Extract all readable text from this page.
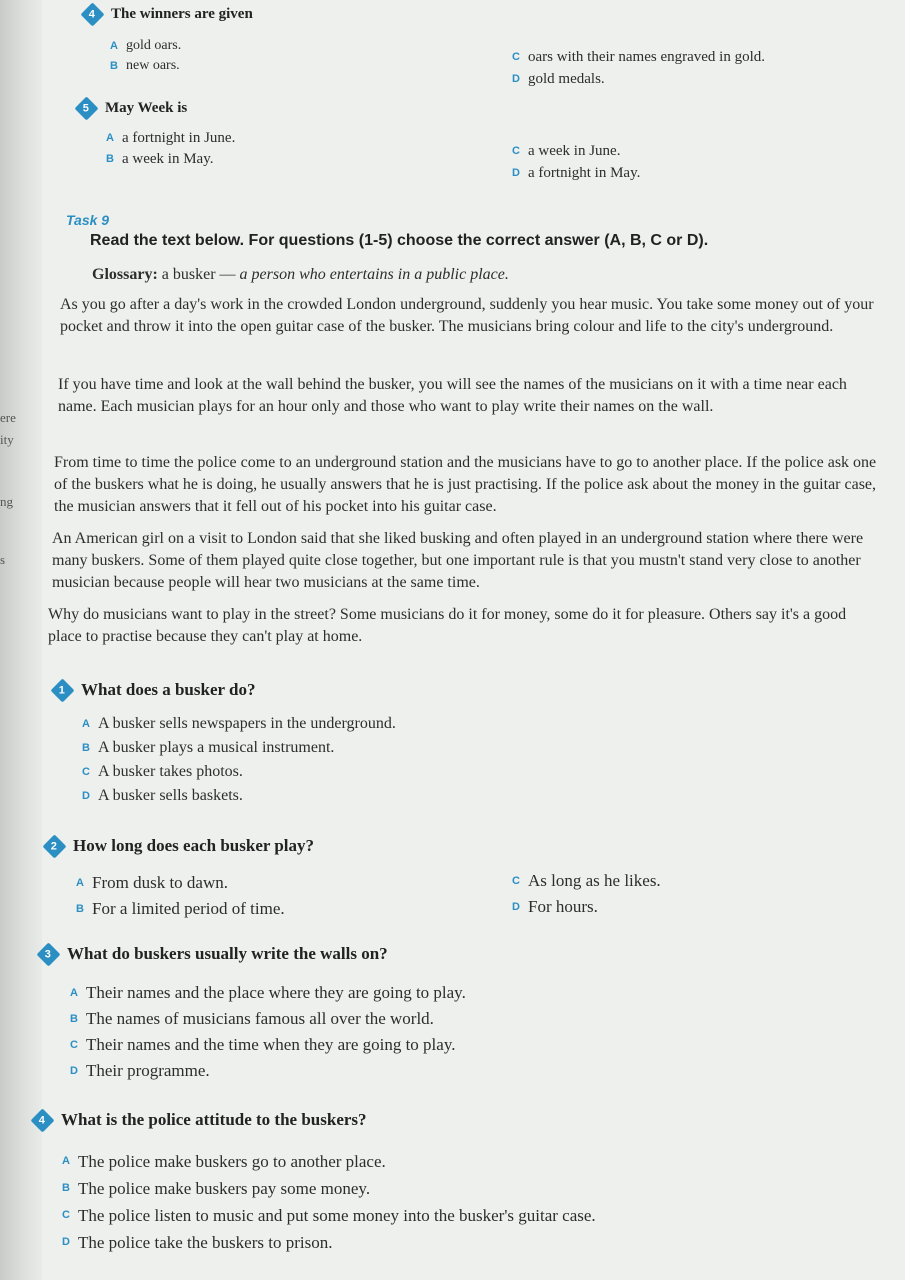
ere
ity
ng
s
4 The winners are given
A gold oars.
B new oars.
C oars with their names engraved in gold.
D gold medals.
5 May Week is
A a fortnight in June.
B a week in May.	C a week in June.
D a fortnight in May.
Task 9
Read the text below. For questions (1-5) choose the correct answer (A, B, C or D).
Glossary: a busker — a person who entertains in a public place.
As you go after a day's work in the crowded London underground, suddenly you hear music. You take some money out of your pocket and throw it into the open guitar case of the busker. The musicians bring colour and life to the city's underground.
If you have time and look at the wall behind the busker, you will see the names of the musicians on it with a time near each name. Each musician plays for an hour only and those who want to play write their names on the wall.
From time to time the police come to an underground station and the musicians have to go to another place. If the police ask one of the buskers what he is doing, he usually answers that he is just practising. If the police ask about the money in the guitar case, the musician answers that it fell out of his pocket into his guitar case.
An American girl on a visit to London said that she liked busking and often played in an underground station where there were many buskers. Some of them played quite close together, but one important rule is that you mustn't stand very close to another musician because people will hear two musicians at the same time.
Why do musicians want to play in the street? Some musicians do it for money, some do it for pleasure. Others say it's a good place to practise because they can't play at home.
1 What does a busker do?
A A busker sells newspapers in the underground.
B A busker plays a musical instrument.
C A busker takes photos.
D A busker sells baskets.
2 How long does each busker play?
A From dusk to dawn.
B For a limited period of time.
C As long as he likes.
D For hours.
3 What do buskers usually write the walls on?
A Their names and the place where they are going to play.
B The names of musicians famous all over the world.
C Their names and the time when they are going to play.
D Their programme.
4 What is the police attitude to the buskers?
A The police make buskers go to another place.
B The police make buskers pay some money.
C The police listen to music and put some money into the busker's guitar case.
D The police take the buskers to prison.
